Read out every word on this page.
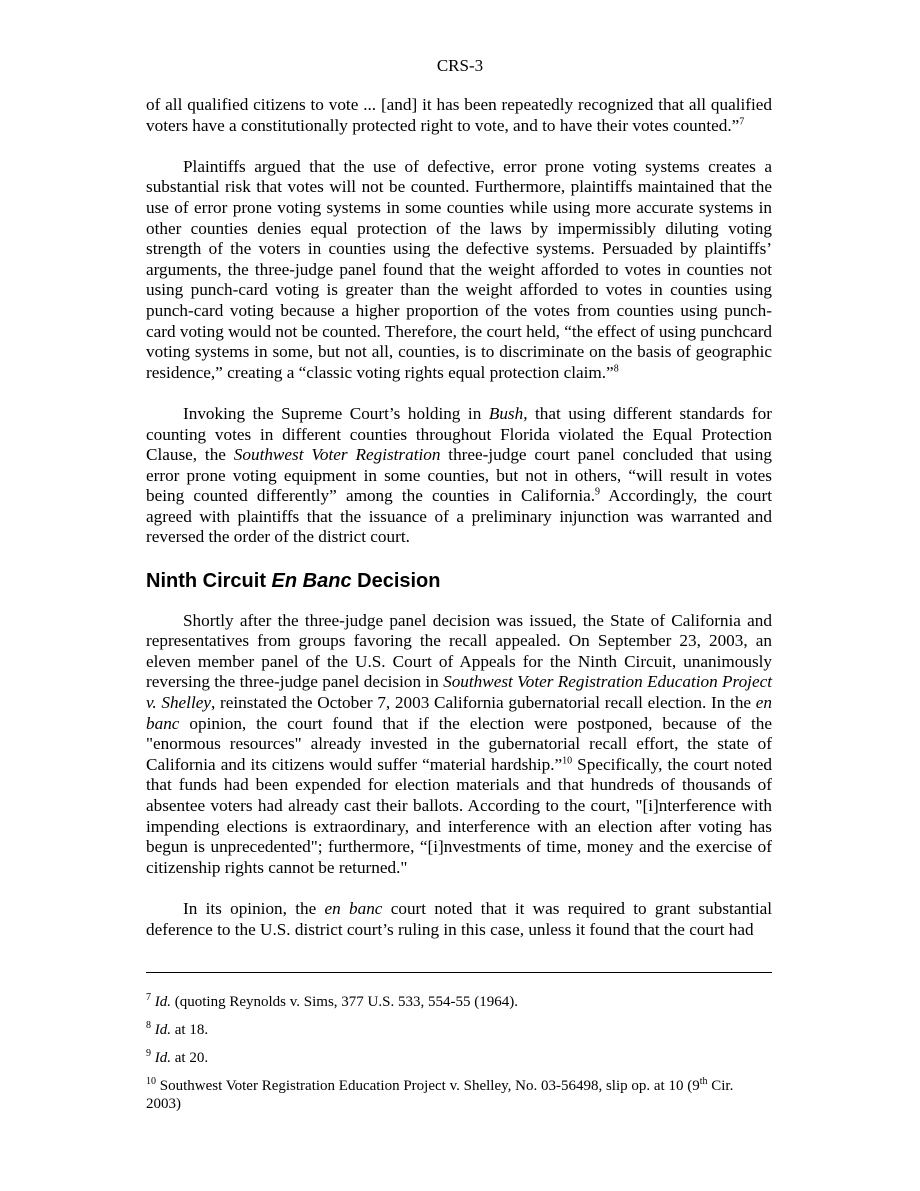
CRS-3

of all qualified citizens to vote ... [and] it has been repeatedly recognized that all qualified voters have a constitutionally protected right to vote, and to have their votes counted.”$^7$

Plaintiffs argued that the use of defective, error prone voting systems creates a substantial risk that votes will not be counted. Furthermore, plaintiffs maintained that the use of error prone voting systems in some counties while using more accurate systems in other counties denies equal protection of the laws by impermissibly diluting voting strength of the voters in counties using the defective systems. Persuaded by plaintiffs’ arguments, the three-judge panel found that the weight afforded to votes in counties not using punch-card voting is greater than the weight afforded to votes in counties using punch-card voting because a higher proportion of the votes from counties using punch-card voting would not be counted. Therefore, the court held, “the effect of using punchcard voting systems in some, but not all, counties, is to discriminate on the basis of geographic residence,” creating a “classic voting rights equal protection claim.”$^8$

Invoking the Supreme Court’s holding in Bush, that using different standards for counting votes in different counties throughout Florida violated the Equal Protection Clause, the Southwest Voter Registration three-judge court panel concluded that using error prone voting equipment in some counties, but not in others, “will result in votes being counted differently” among the counties in California.$^9$ Accordingly, the court agreed with plaintiffs that the issuance of a preliminary injunction was warranted and reversed the order of the district court.

Ninth Circuit En Banc Decision

Shortly after the three-judge panel decision was issued, the State of California and representatives from groups favoring the recall appealed. On September 23, 2003, an eleven member panel of the U.S. Court of Appeals for the Ninth Circuit, unanimously reversing the three-judge panel decision in Southwest Voter Registration Education Project v. Shelley, reinstated the October 7, 2003 California gubernatorial recall election. In the en banc opinion, the court found that if the election were postponed, because of the "enormous resources" already invested in the gubernatorial recall effort, the state of California and its citizens would suffer “material hardship.”$^{10}$ Specifically, the court noted that funds had been expended for election materials and that hundreds of thousands of absentee voters had already cast their ballots. According to the court, "[i]nterference with impending elections is extraordinary, and interference with an election after voting has begun is unprecedented"; furthermore, “[i]nvestments of time, money and the exercise of citizenship rights cannot be returned."

In its opinion, the en banc court noted that it was required to grant substantial deference to the U.S. district court’s ruling in this case, unless it found that the court had

$^7$ Id. (quoting Reynolds v. Sims, 377 U.S. 533, 554-55 (1964).
$^8$ Id. at 18.
$^9$ Id. at 20.
$^{10}$ Southwest Voter Registration Education Project v. Shelley, No. 03-56498, slip op. at 10 (9th Cir. 2003)
